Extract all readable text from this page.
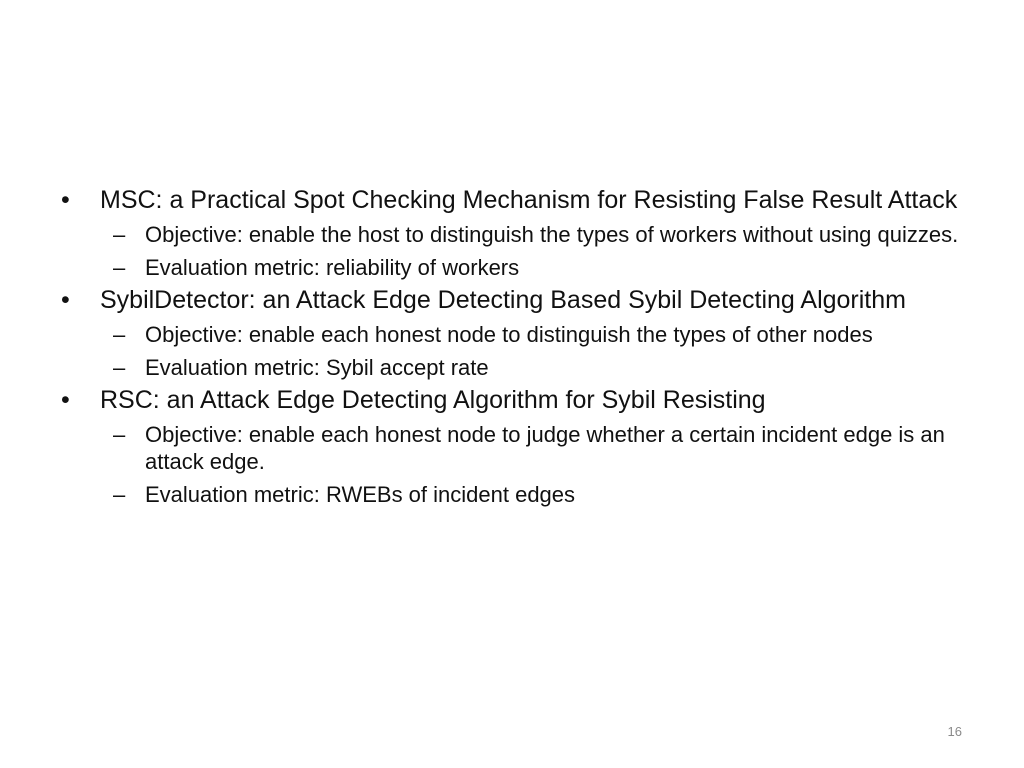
• MSC: a Practical Spot Checking Mechanism for Resisting False Result Attack
– Objective: enable the host to distinguish the types of workers without using quizzes.
– Evaluation metric: reliability of workers
• SybilDetector: an Attack Edge Detecting Based Sybil Detecting Algorithm
– Objective: enable each honest node to distinguish the types of other nodes
– Evaluation metric: Sybil accept rate
• RSC: an Attack Edge Detecting Algorithm for Sybil Resisting
– Objective: enable each honest node to judge whether a certain incident edge is an attack edge.
– Evaluation metric: RWEBs of incident edges
16
